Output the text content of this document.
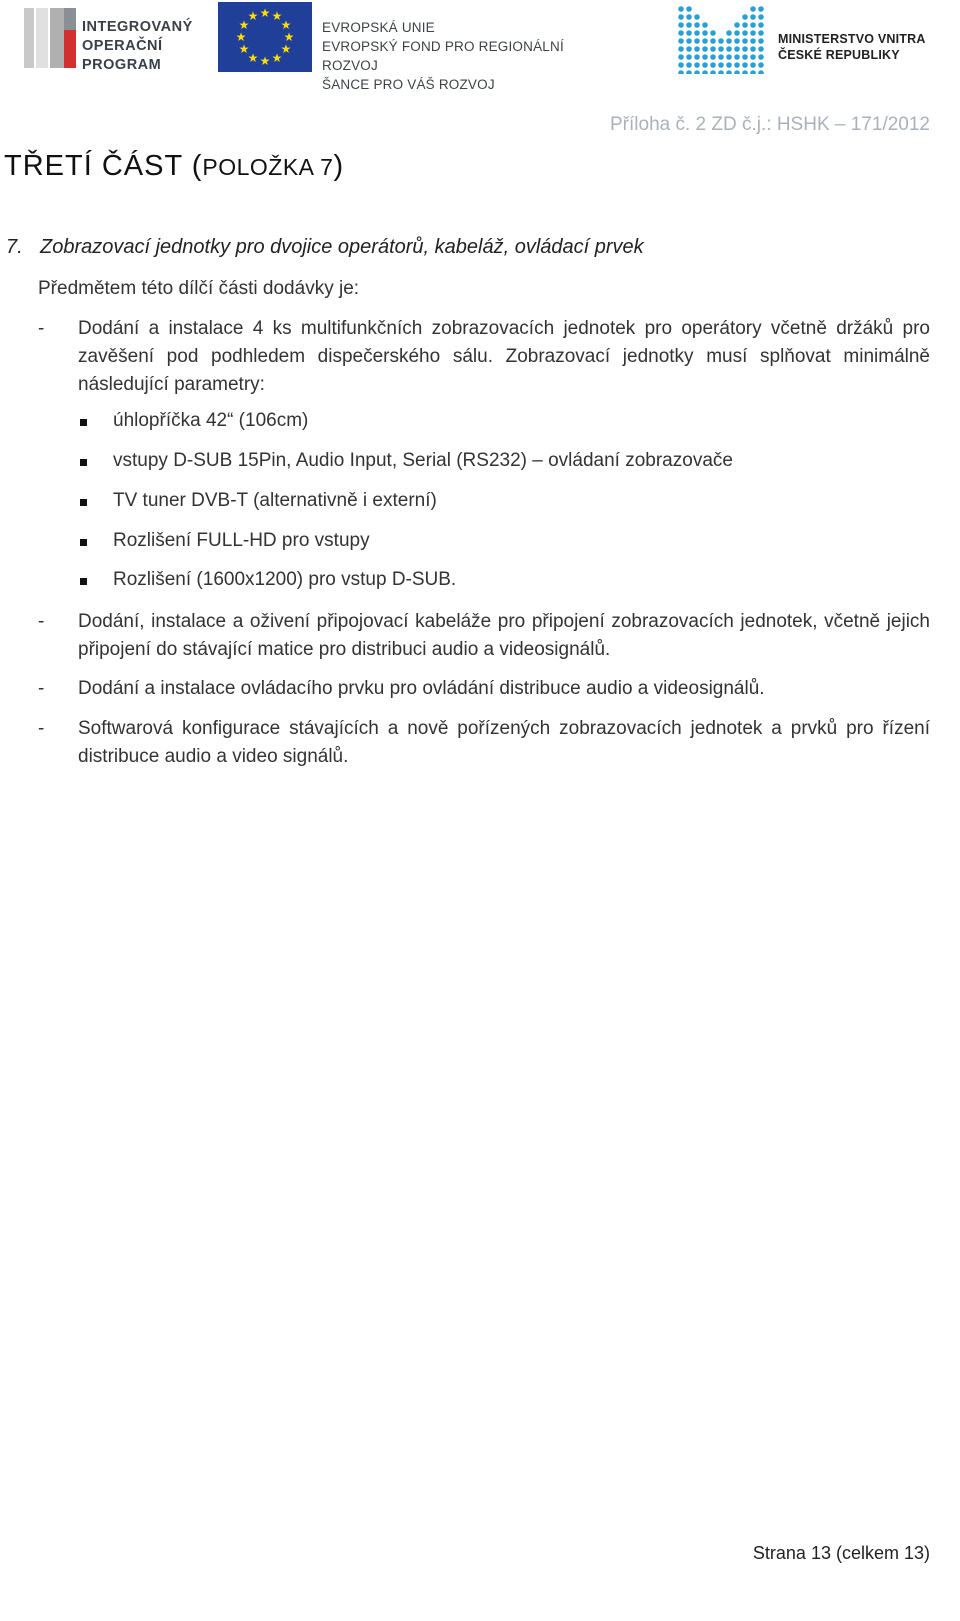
INTEGROVANÝ
OPERAČNÍ
PROGRAM
★ ★
★
★
★
★
★
★
★
★
★
★
EVROPSKÁ UNIE
EVROPSKÝ FOND PRO REGIONÁLNÍ ROZVOJ
ŠANCE PRO VÁŠ ROZVOJ
MINISTERSTVO VNITRA
ČESKÉ REPUBLIKY
Příloha č. 2 ZD č.j.: HSHK – 171/2012
TŘETÍ ČÁST (POLOŽKA 7)
7. Zobrazovací jednotky pro dvojice operátorů, kabeláž, ovládací prvek
Předmětem této dílčí části dodávky je:
-	Dodání a instalace 4 ks multifunkčních zobrazovacích jednotek pro operátory včetně držáků pro zavěšení pod podhledem dispečerského sálu. Zobrazovací jednotky musí splňovat minimálně následující parametry:
úhlopříčka 42“ (106cm)
vstupy D-SUB 15Pin, Audio Input, Serial (RS232) – ovládaní zobrazovače
TV tuner DVB-T (alternativně i externí)
Rozlišení FULL-HD pro vstupy
Rozlišení (1600x1200) pro vstup D-SUB.
-	Dodání, instalace a oživení připojovací kabeláže pro připojení zobrazovacích jednotek, včetně jejich připojení do stávající matice pro distribuci audio a videosignálů.
-	Dodání a instalace ovládacího prvku pro ovládání distribuce audio a videosignálů.
-	Softwarová konfigurace stávajících a nově pořízených zobrazovacích jednotek a prvků pro řízení distribuce audio a video signálů.
Strana 13 (celkem 13)
